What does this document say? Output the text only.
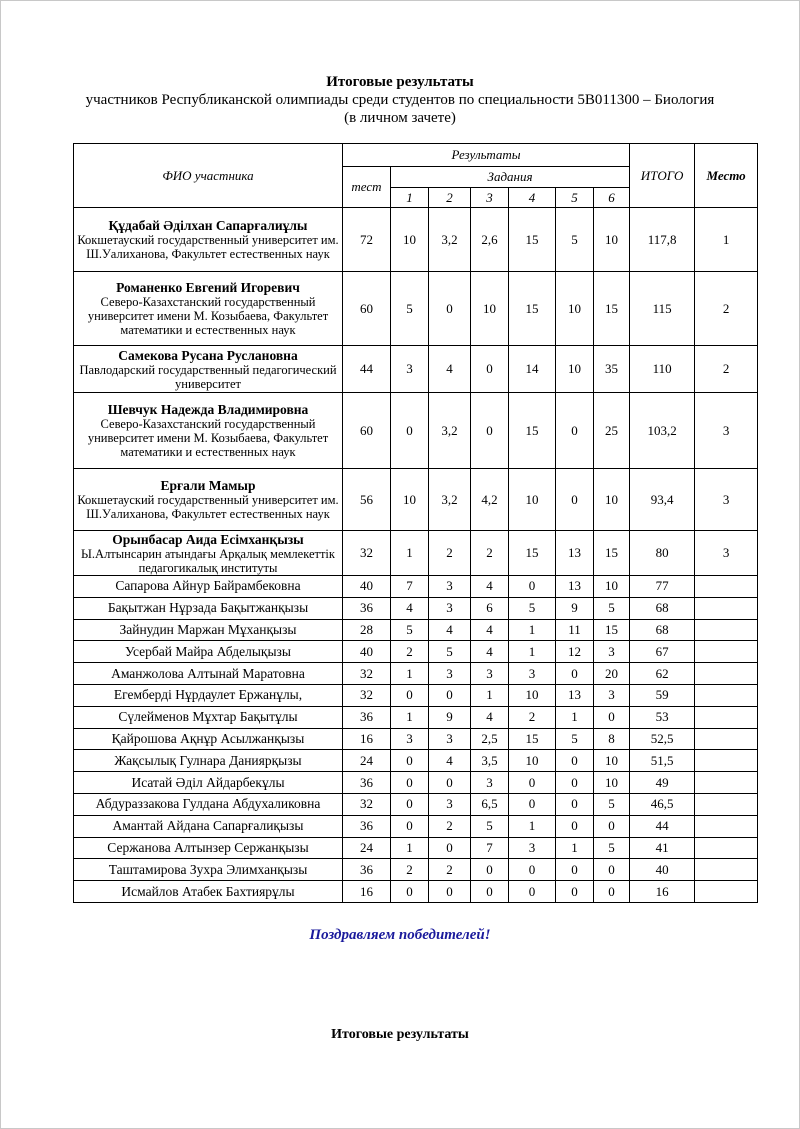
Итоговые результаты
участников Республиканской олимпиады среди студентов по специальности 5В011300 – Биология
(в личном зачете)
ФИО участника	Результаты							ИТОГО	Место
	тест	Задания							
		1	2	3	4	5	6		

Құдабай Әділхан Сапарғалиұлы
Кокшетауский государственный университет им. Ш.Уалиханова, Факультет естественных наук	72	10	3,2	2,6	15	5	10	117,8	1

Романенко Евгений Игоревич
Северо-Казахстанский государственный университет имени М. Козыбаева, Факультет математики и естественных наук	60	5	0	10	15	10	15	115	2

Самекова Русана Руслановна
Павлодарский государственный педагогический университет	44	3	4	0	14	10	35	110	2

Шевчук Надежда Владимировна
Северо-Казахстанский государственный университет имени М. Козыбаева, Факультет математики и естественных наук	60	0	3,2	0	15	0	25	103,2	3

Ерғали Мамыр
Кокшетауский государственный университет им. Ш.Уалиханова, Факультет естественных наук	56	10	3,2	4,2	10	0	10	93,4	3

Орынбасар Аида Есімханқызы
Ы.Алтынсарин атындағы Арқалық мемлекеттік педагогикалық институты	32	1	2	2	15	13	15	80	3
Сапарова Айнур Байрамбековна	40	7	3	4	0	13	10	77	
Бақытжан Нұрзада Бақытжанқызы	36	4	3	6	5	9	5	68	
Зайнудин Маржан Мұханқызы	28	5	4	4	1	11	15	68	
Усербай Майра Абделықызы	40	2	5	4	1	12	3	67	
Аманжолова Алтынай Маратовна	32	1	3	3	3	0	20	62	
Егемберді Нұрдаулет Ержанұлы,	32	0	0	1	10	13	3	59	
Сүлейменов Мұхтар Бақытұлы	36	1	9	4	2	1	0	53	
Қайрошова Ақнұр Асылжанқызы	16	3	3	2,5	15	5	8	52,5	
Жақсылық Гулнара Данияpқызы	24	0	4	3,5	10	0	10	51,5	
Исатай Әділ Айдарбекұлы	36	0	0	3	0	0	10	49	
Абдураззакова Гулдана Абдухаликовна	32	0	3	6,5	0	0	5	46,5	
Амантай Айдана Сапарғалиқызы	36	0	2	5	1	0	0	44	
Сержанова Алтынзер Сержанқызы	24	1	0	7	3	1	5	41	
Таштамирова Зухра Элимханқызы	36	2	2	0	0	0	0	40	
Исмайлов Атабек Бахтиярұлы	16	0	0	0	0	0	0	16	
Поздравляем победителей!
Итоговые результаты
